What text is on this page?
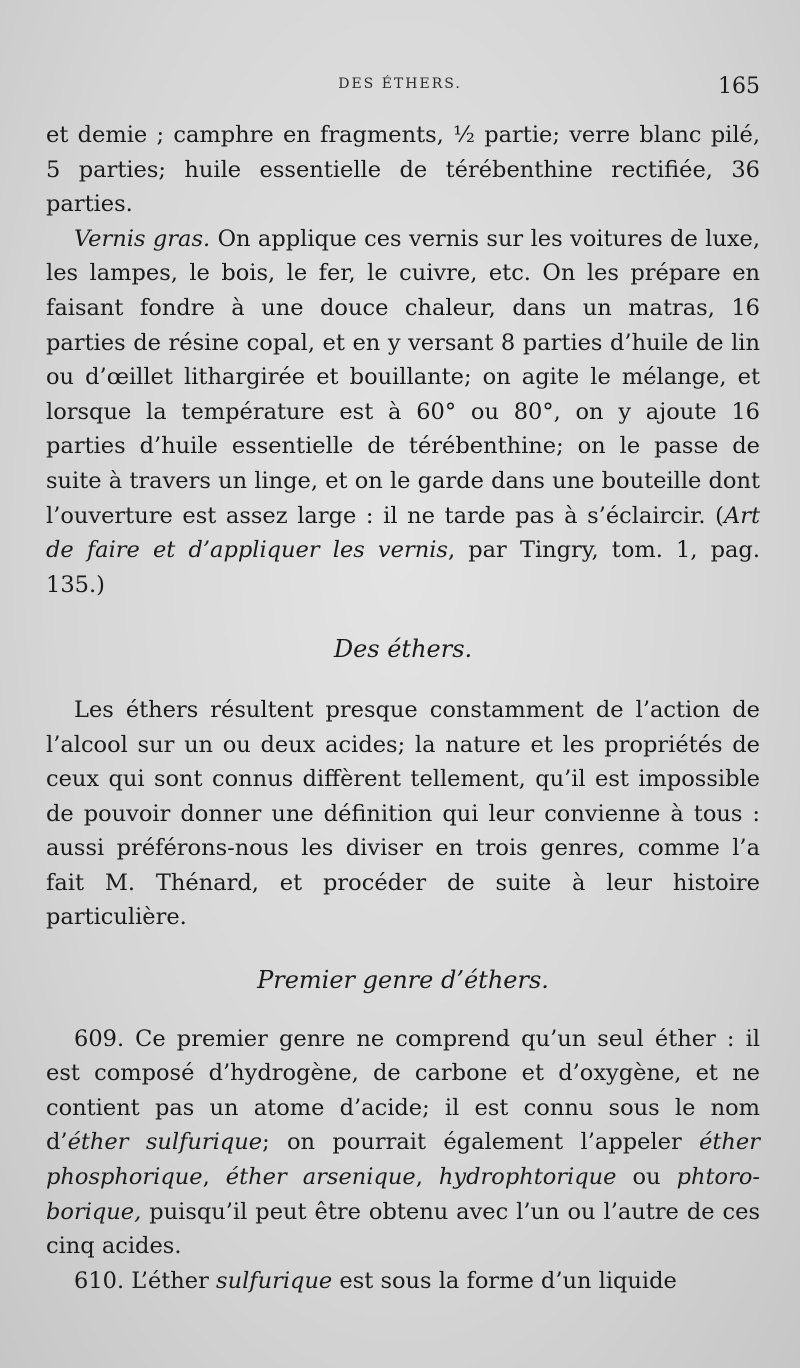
DES ÉTHERS.	165

et demie ; camphre en fragments, ½ partie; verre blanc pilé, 5 parties; huile essentielle de térébenthine rectifiée, 36 parties.

Vernis gras. On applique ces vernis sur les voitures de luxe, les lampes, le bois, le fer, le cuivre, etc. On les prépare en faisant fondre à une douce chaleur, dans un matras, 16 parties de résine copal, et en y versant 8 parties d’huile de lin ou d’œillet lithargirée et bouillante; on agite le mélange, et lorsque la température est à 60° ou 80°, on y ajoute 16 parties d’huile essentielle de térébenthine; on le passe de suite à travers un linge, et on le garde dans une bouteille dont l’ouverture est assez large : il ne tarde pas à s’éclaircir. (Art de faire et d’appliquer les vernis, par Tingry, tom. 1, pag. 135.)

Des éthers.

Les éthers résultent presque constamment de l’action de l’alcool sur un ou deux acides; la nature et les propriétés de ceux qui sont connus diffèrent tellement, qu’il est impossible de pouvoir donner une définition qui leur convienne à tous : aussi préférons-nous les diviser en trois genres, comme l’a fait M. Thénard, et procéder de suite à leur histoire particulière.

Premier genre d’éthers.

609. Ce premier genre ne comprend qu’un seul éther : il est composé d’hydrogène, de carbone et d’oxygène, et ne contient pas un atome d’acide; il est connu sous le nom d’éther sulfurique; on pourrait également l’appeler éther phosphorique, éther arsenique, hydrophtorique ou phtoro-borique, puisqu’il peut être obtenu avec l’un ou l’autre de ces cinq acides.

610. L’éther sulfurique est sous la forme d’un liquide
